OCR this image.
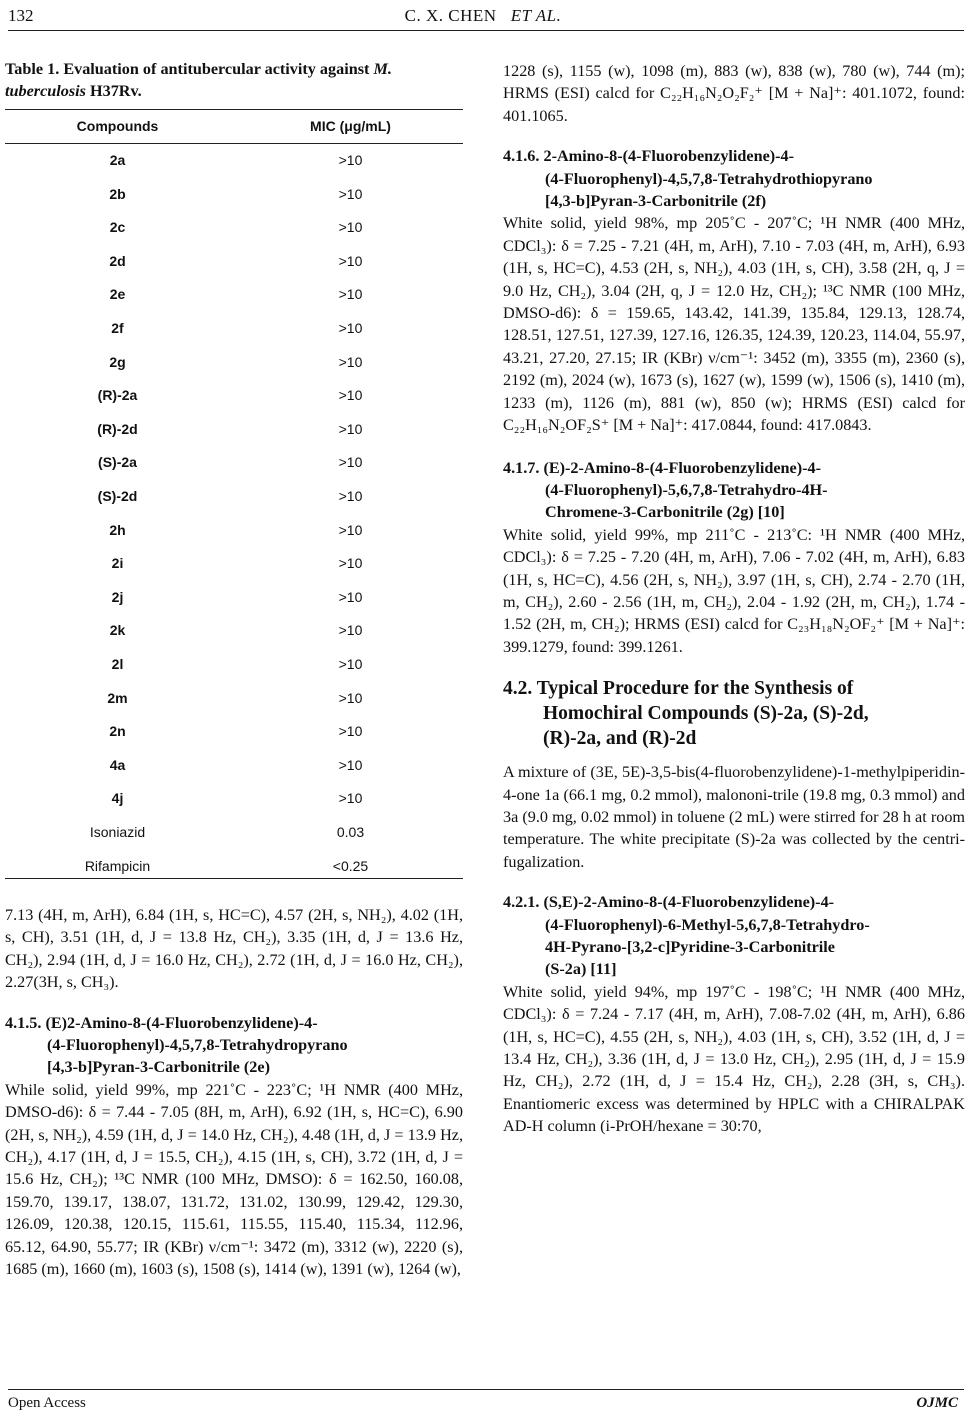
132	C. X. CHEN ET AL.
Table 1. Evaluation of antitubercular activity against M. tuberculosis H37Rv.
Compounds	MIC (μg/mL)
2a	>10
2b	>10
2c	>10
2d	>10
2e	>10
2f	>10
2g	>10
(R)-2a	>10
(R)-2d	>10
(S)-2a	>10
(S)-2d	>10
2h	>10
2i	>10
2j	>10
2k	>10
2l	>10
2m	>10
2n	>10
4a	>10
4j	>10
Isoniazid	0.03
Rifampicin	<0.25
7.13 (4H, m, ArH), 6.84 (1H, s, HC=C), 4.57 (2H, s, NH₂), 4.02 (1H, s, CH), 3.51 (1H, d, J = 13.8 Hz, CH₂), 3.35 (1H, d, J = 13.6 Hz, CH₂), 2.94 (1H, d, J = 16.0 Hz, CH₂), 2.72 (1H, d, J = 16.0 Hz, CH₂), 2.27(3H, s, CH₃).
4.1.5. (E)2-Amino-8-(4-Fluorobenzylidene)-4-
(4-Fluorophenyl)-4,5,7,8-Tetrahydropyrano
[4,3-b]Pyran-3-Carbonitrile (2e)
While solid, yield 99%, mp 221˚C - 223˚C; ¹H NMR (400 MHz, DMSO-d6): δ = 7.44 - 7.05 (8H, m, ArH), 6.92 (1H, s, HC=C), 6.90 (2H, s, NH₂), 4.59 (1H, d, J = 14.0 Hz, CH₂), 4.48 (1H, d, J = 13.9 Hz, CH₂), 4.17 (1H, d, J = 15.5, CH₂), 4.15 (1H, s, CH), 3.72 (1H, d, J = 15.6 Hz, CH₂); ¹³C NMR (100 MHz, DMSO): δ = 162.50, 160.08, 159.70, 139.17, 138.07, 131.72, 131.02, 130.99, 129.42, 129.30, 126.09, 120.38, 120.15, 115.61, 115.55, 115.40, 115.34, 112.96, 65.12, 64.90, 55.77; IR (KBr) ν/cm⁻¹: 3472 (m), 3312 (w), 2220 (s), 1685 (m), 1660 (m), 1603 (s), 1508 (s), 1414 (w), 1391 (w), 1264 (w),
1228 (s), 1155 (w), 1098 (m), 883 (w), 838 (w), 780 (w), 744 (m); HRMS (ESI) calcd for C₂₂H₁₆N₂O₂F₂⁺ [M + Na]⁺: 401.1072, found: 401.1065.
4.1.6. 2-Amino-8-(4-Fluorobenzylidene)-4-
(4-Fluorophenyl)-4,5,7,8-Tetrahydrothiopyrano
[4,3-b]Pyran-3-Carbonitrile (2f)
White solid, yield 98%, mp 205˚C - 207˚C; ¹H NMR (400 MHz, CDCl₃): δ = 7.25 - 7.21 (4H, m, ArH), 7.10 - 7.03 (4H, m, ArH), 6.93 (1H, s, HC=C), 4.53 (2H, s, NH₂), 4.03 (1H, s, CH), 3.58 (2H, q, J = 9.0 Hz, CH₂), 3.04 (2H, q, J = 12.0 Hz, CH₂); ¹³C NMR (100 MHz, DMSO-d6): δ = 159.65, 143.42, 141.39, 135.84, 129.13, 128.74, 128.51, 127.51, 127.39, 127.16, 126.35, 124.39, 120.23, 114.04, 55.97, 43.21, 27.20, 27.15; IR (KBr) ν/cm⁻¹: 3452 (m), 3355 (m), 2360 (s), 2192 (m), 2024 (w), 1673 (s), 1627 (w), 1599 (w), 1506 (s), 1410 (m), 1233 (m), 1126 (m), 881 (w), 850 (w); HRMS (ESI) calcd for C₂₂H₁₆N₂OF₂S⁺ [M + Na]⁺: 417.0844, found: 417.0843.
4.1.7. (E)-2-Amino-8-(4-Fluorobenzylidene)-4-
(4-Fluorophenyl)-5,6,7,8-Tetrahydro-4H-
Chromene-3-Carbonitrile (2g) [10]
White solid, yield 99%, mp 211˚C - 213˚C: ¹H NMR (400 MHz, CDCl₃): δ = 7.25 - 7.20 (4H, m, ArH), 7.06 - 7.02 (4H, m, ArH), 6.83 (1H, s, HC=C), 4.56 (2H, s, NH₂), 3.97 (1H, s, CH), 2.74 - 2.70 (1H, m, CH₂), 2.60 - 2.56 (1H, m, CH₂), 2.04 - 1.92 (2H, m, CH₂), 1.74 - 1.52 (2H, m, CH₂); HRMS (ESI) calcd for C₂₃H₁₈N₂OF₂⁺ [M + Na]⁺: 399.1279, found: 399.1261.
4.2. Typical Procedure for the Synthesis of
Homochiral Compounds (S)-2a, (S)-2d,
(R)-2a, and (R)-2d
A mixture of (3E, 5E)-3,5-bis(4-fluorobenzylidene)-1-methylpiperidin-4-one 1a (66.1 mg, 0.2 mmol), malononi-trile (19.8 mg, 0.3 mmol) and 3a (9.0 mg, 0.02 mmol) in toluene (2 mL) were stirred for 28 h at room temperature. The white precipitate (S)-2a was collected by the centri-fugalization.
4.2.1. (S,E)-2-Amino-8-(4-Fluorobenzylidene)-4-
(4-Fluorophenyl)-6-Methyl-5,6,7,8-Tetrahydro-
4H-Pyrano-[3,2-c]Pyridine-3-Carbonitrile
(S-2a) [11]
White solid, yield 94%, mp 197˚C - 198˚C; ¹H NMR (400 MHz, CDCl₃): δ = 7.24 - 7.17 (4H, m, ArH), 7.08-7.02 (4H, m, ArH), 6.86 (1H, s, HC=C), 4.55 (2H, s, NH₂), 4.03 (1H, s, CH), 3.52 (1H, d, J = 13.4 Hz, CH₂), 3.36 (1H, d, J = 13.0 Hz, CH₂), 2.95 (1H, d, J = 15.9 Hz, CH₂), 2.72 (1H, d, J = 15.4 Hz, CH₂), 2.28 (3H, s, CH₃). Enantiomeric excess was determined by HPLC with a CHIRALPAK AD-H column (i-PrOH/hexane = 30:70,
Open Access	OJMC
